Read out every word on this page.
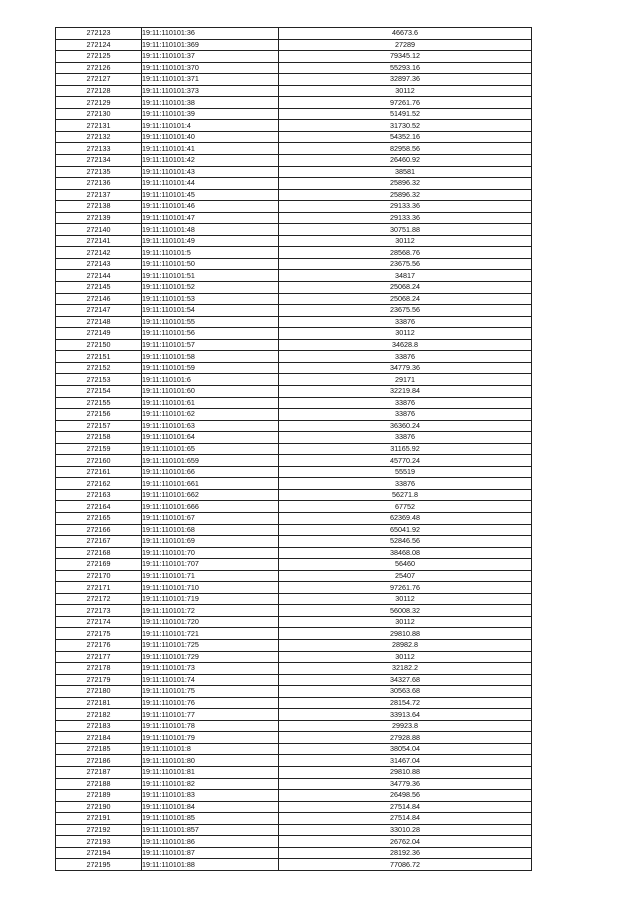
272123	19:11:110101:36	46673.6
272124	19:11:110101:369	27289
272125	19:11:110101:37	79345.12
272126	19:11:110101:370	55293.16
272127	19:11:110101:371	32897.36
272128	19:11:110101:373	30112
272129	19:11:110101:38	97261.76
272130	19:11:110101:39	51491.52
272131	19:11:110101:4	31730.52
272132	19:11:110101:40	54352.16
272133	19:11:110101:41	82958.56
272134	19:11:110101:42	26460.92
272135	19:11:110101:43	38581
272136	19:11:110101:44	25896.32
272137	19:11:110101:45	25896.32
272138	19:11:110101:46	29133.36
272139	19:11:110101:47	29133.36
272140	19:11:110101:48	30751.88
272141	19:11:110101:49	30112
272142	19:11:110101:5	28568.76
272143	19:11:110101:50	23675.56
272144	19:11:110101:51	34817
272145	19:11:110101:52	25068.24
272146	19:11:110101:53	25068.24
272147	19:11:110101:54	23675.56
272148	19:11:110101:55	33876
272149	19:11:110101:56	30112
272150	19:11:110101:57	34628.8
272151	19:11:110101:58	33876
272152	19:11:110101:59	34779.36
272153	19:11:110101:6	29171
272154	19:11:110101:60	32219.84
272155	19:11:110101:61	33876
272156	19:11:110101:62	33876
272157	19:11:110101:63	36360.24
272158	19:11:110101:64	33876
272159	19:11:110101:65	31165.92
272160	19:11:110101:659	45770.24
272161	19:11:110101:66	55519
272162	19:11:110101:661	33876
272163	19:11:110101:662	56271.8
272164	19:11:110101:666	67752
272165	19:11:110101:67	62369.48
272166	19:11:110101:68	65041.92
272167	19:11:110101:69	52846.56
272168	19:11:110101:70	38468.08
272169	19:11:110101:707	56460
272170	19:11:110101:71	25407
272171	19:11:110101:710	97261.76
272172	19:11:110101:719	30112
272173	19:11:110101:72	56008.32
272174	19:11:110101:720	30112
272175	19:11:110101:721	29810.88
272176	19:11:110101:725	28982.8
272177	19:11:110101:729	30112
272178	19:11:110101:73	32182.2
272179	19:11:110101:74	34327.68
272180	19:11:110101:75	30563.68
272181	19:11:110101:76	28154.72
272182	19:11:110101:77	33913.64
272183	19:11:110101:78	29923.8
272184	19:11:110101:79	27928.88
272185	19:11:110101:8	38054.04
272186	19:11:110101:80	31467.04
272187	19:11:110101:81	29810.88
272188	19:11:110101:82	34779.36
272189	19:11:110101:83	26498.56
272190	19:11:110101:84	27514.84
272191	19:11:110101:85	27514.84
272192	19:11:110101:857	33010.28
272193	19:11:110101:86	26762.04
272194	19:11:110101:87	28192.36
272195	19:11:110101:88	77086.72
